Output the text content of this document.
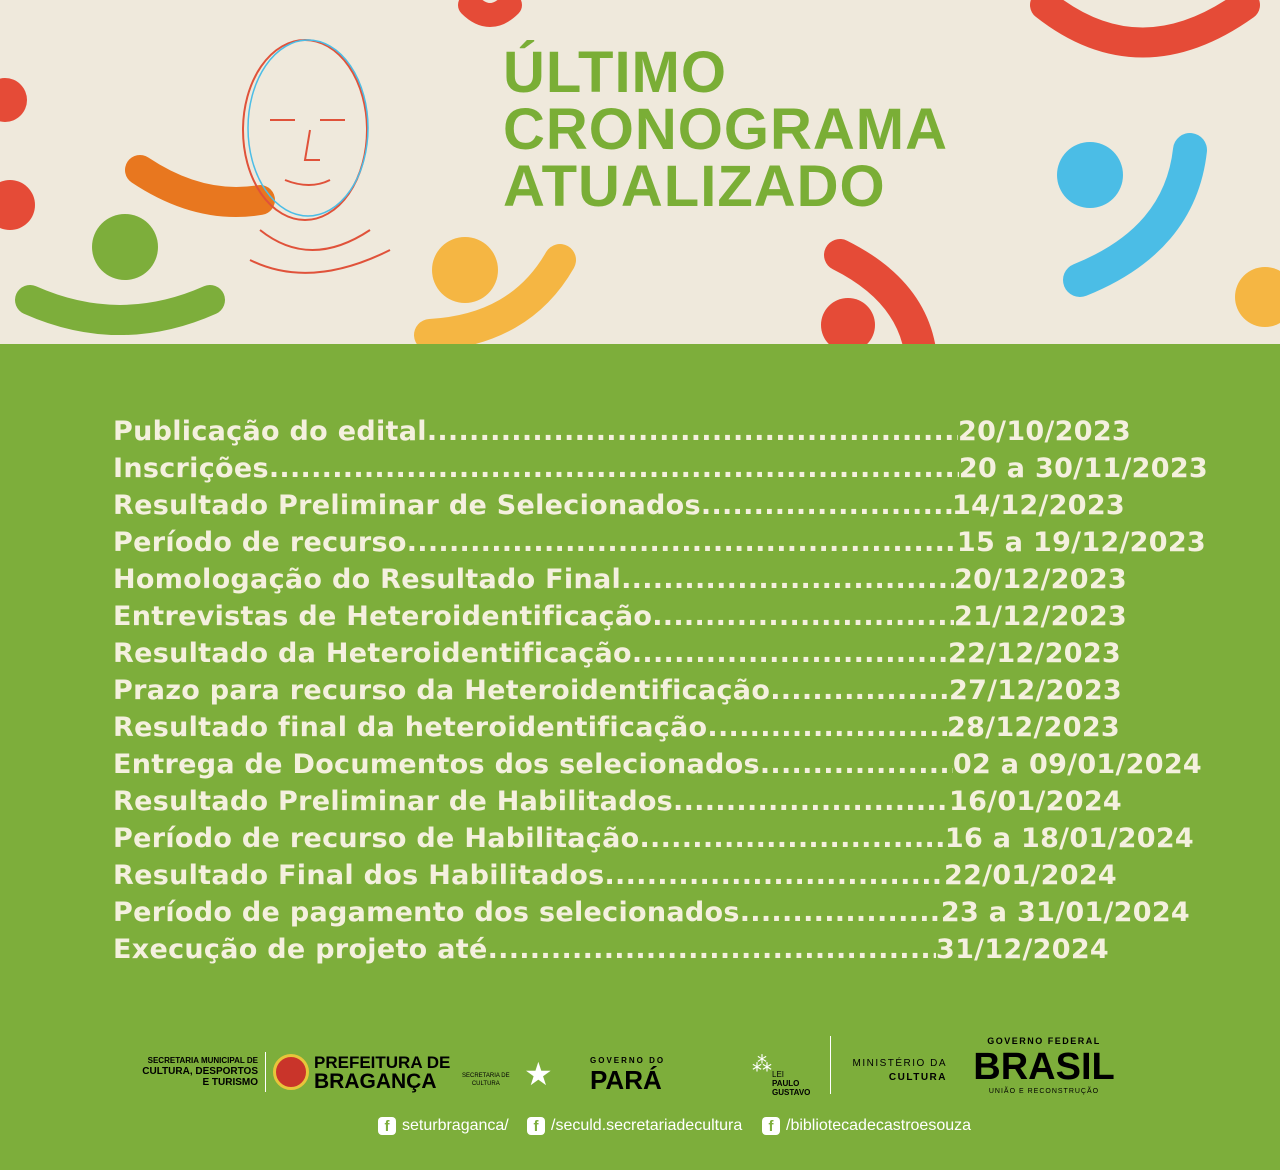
ÚLTIMO
CRONOGRAMA
ATUALIZADO
Publicação do edital .....	20/10/2023
Inscrições .....	20 a 30/11/2023
Resultado Preliminar de Selecionados .....	14/12/2023
Período de recurso .....	15 a 19/12/2023
Homologação do Resultado Final .....	20/12/2023
Entrevistas de Heteroidentificação .....	21/12/2023
Resultado da Heteroidentificação .....	22/12/2023
Prazo para recurso da Heteroidentificação .....	27/12/2023
Resultado final da heteroidentificação .....	28/12/2023
Entrega de Documentos dos selecionados .....	02 a 09/01/2024
Resultado Preliminar de Habilitados .....	16/01/2024
Período de recurso de Habilitação .....	16 a 18/01/2024
Resultado Final dos Habilitados .....	22/01/2024
Período de pagamento dos selecionados .....	23 a 31/01/2024
Execução de projeto até .....	31/12/2024
SECRETARIA MUNICIPAL DE
CULTURA, DESPORTOS
E TURISMO
PREFEITURA DE
BRAGANÇA	SECRETARIA DE
CULTURA ★	GOVERNO DO
PARÁ
⁂ LEI
PAULO
GUSTAVO
MINISTÉRIO DA
CULTURA
GOVERNO FEDERAL
BRASIL
UNIÃO E RECONSTRUÇÃO
f seturbraganca/	f /seculd.secretariadecultura	f /bibliotecadecastroesouza
